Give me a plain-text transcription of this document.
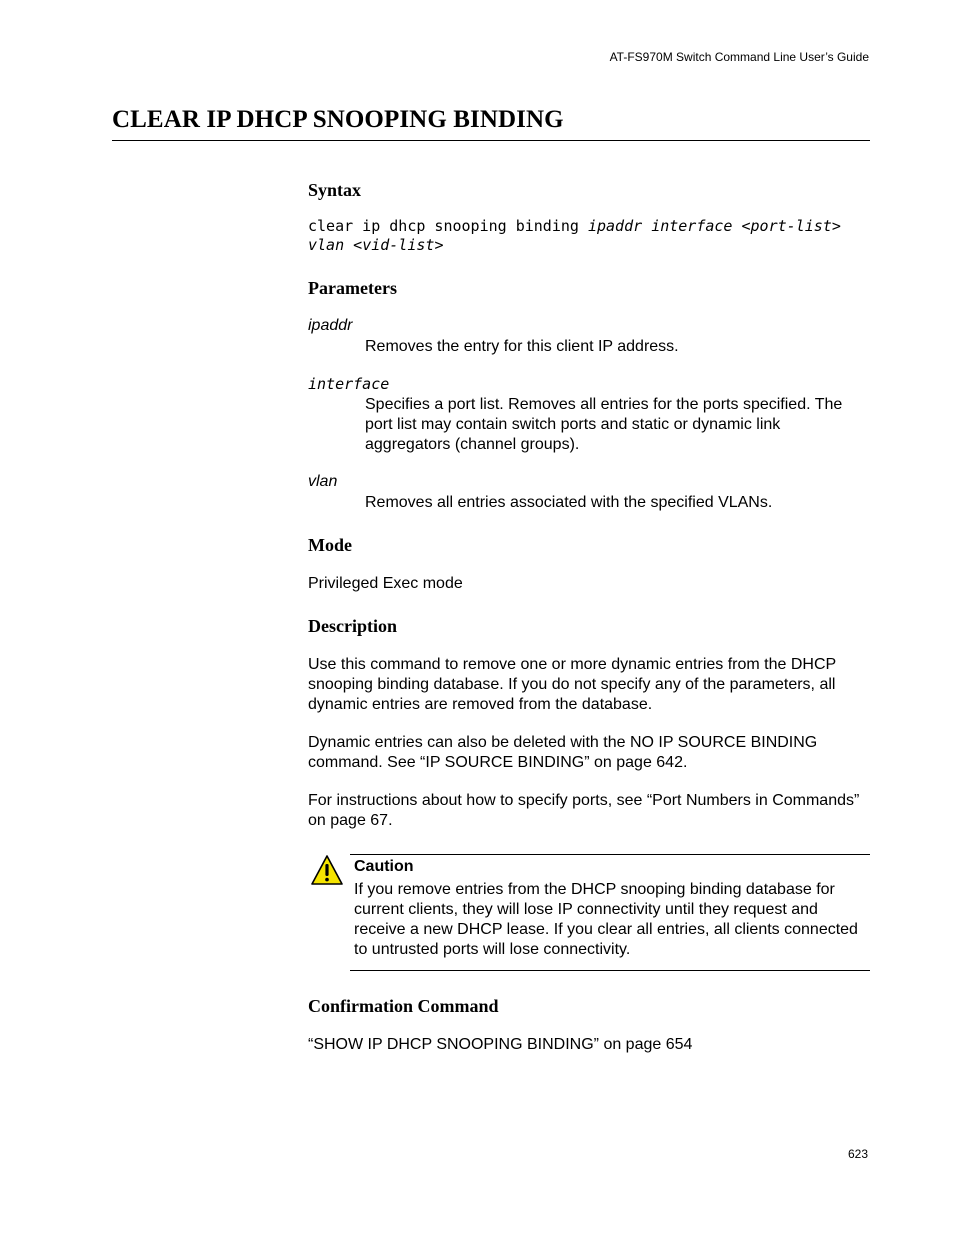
AT-FS970M Switch Command Line User’s Guide
CLEAR IP DHCP SNOOPING BINDING
Syntax
clear ip dhcp snooping binding ipaddr interface <port-list>
vlan <vid-list>
Parameters
ipaddr

Removes the entry for this client IP address.

interface

Specifies a port list. Removes all entries for the ports specified. The port list may contain switch ports and static or dynamic link aggregators (channel groups).

vlan

Removes all entries associated with the specified VLANs.

Mode

Privileged Exec mode

Description

Use this command to remove one or more dynamic entries from the DHCP snooping binding database. If you do not specify any of the parameters, all dynamic entries are removed from the database.

Dynamic entries can also be deleted with the NO IP SOURCE BINDING command. See “IP SOURCE BINDING” on page 642.

For instructions about how to specify ports, see “Port Numbers in Commands” on page 67.

Caution

If you remove entries from the DHCP snooping binding database for current clients, they will lose IP connectivity until they request and receive a new DHCP lease. If you clear all entries, all clients connected to untrusted ports will lose connectivity.

Confirmation Command

“SHOW IP DHCP SNOOPING BINDING” on page 654

623
